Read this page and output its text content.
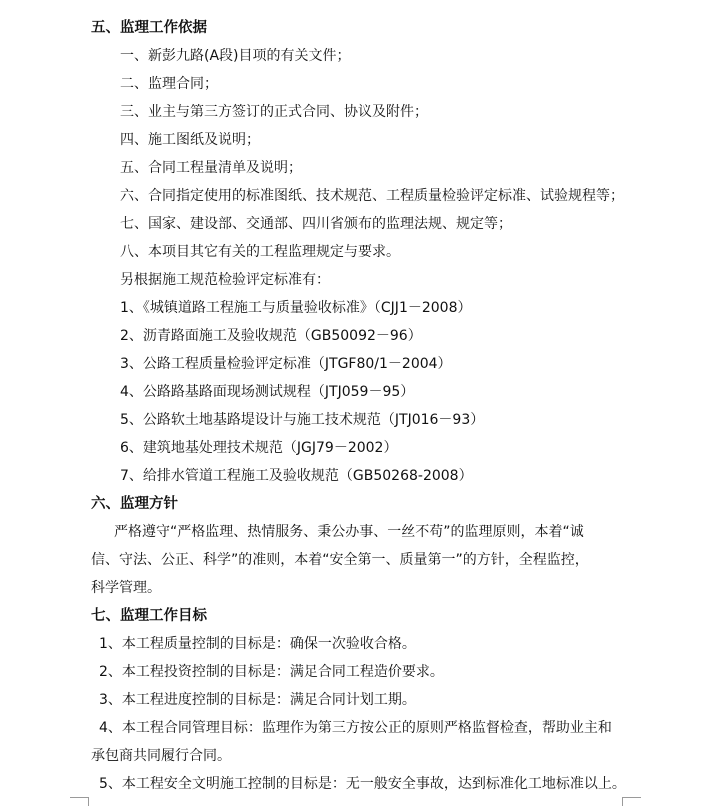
五、监理工作依据
一、新彭九路(A段)目项的有关文件；
二、监理合同；
三、业主与第三方签订的正式合同、协议及附件；
四、施工图纸及说明；
五、合同工程量清单及说明；
六、合同指定使用的标准图纸、技术规范、工程质量检验评定标准、试验规程等；
七、国家、建设部、交通部、四川省颁布的监理法规、规定等；
八、本项目其它有关的工程监理规定与要求。
另根据施工规范检验评定标准有：
1、《城镇道路工程施工与质量验收标准》（CJJ1－2008）
2、沥青路面施工及验收规范（GB50092－96）
3、公路工程质量检验评定标准（JTGF80/1－2004）
4、公路路基路面现场测试规程（JTJ059－95）
5、公路软土地基路堤设计与施工技术规范（JTJ016－93）
6、建筑地基处理技术规范（JGJ79－2002）
7、给排水管道工程施工及验收规范（GB50268-2008）
六、监理方针
严格遵守“严格监理、热情服务、秉公办事、一丝不苟”的监理原则，本着“诚
信、守法、公正、科学”的准则，本着“安全第一、质量第一”的方针，全程监控，
科学管理。
七、监理工作目标
1、本工程质量控制的目标是：确保一次验收合格。
2、本工程投资控制的目标是：满足合同工程造价要求。
3、本工程进度控制的目标是：满足合同计划工期。
4、本工程合同管理目标：监理作为第三方按公正的原则严格监督检查，帮助业主和
承包商共同履行合同。
5、本工程安全文明施工控制的目标是：无一般安全事故，达到标准化工地标准以上。
